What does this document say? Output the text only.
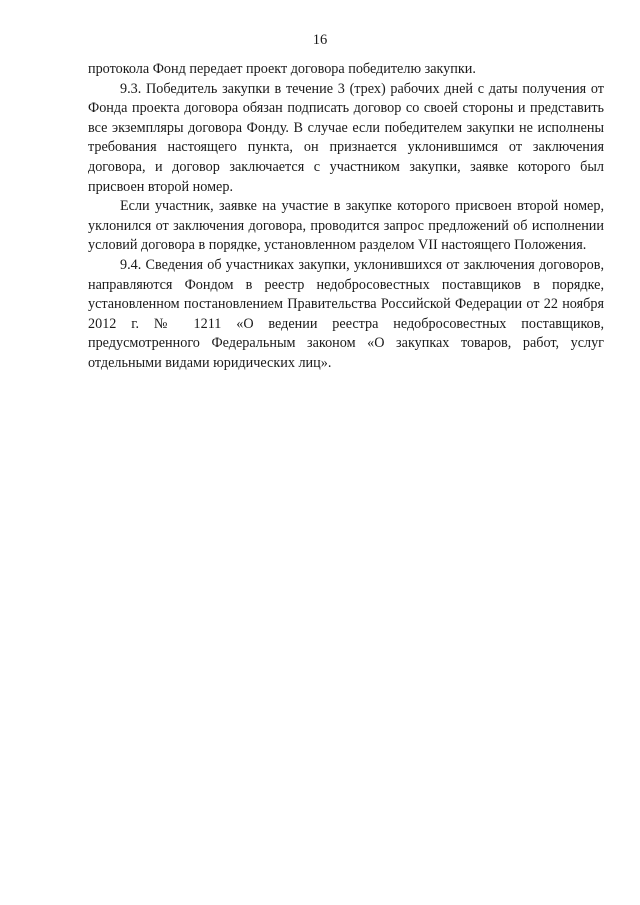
16

протокола Фонд передает проект договора победителю закупки.

9.3. Победитель закупки в течение 3 (трех) рабочих дней с даты получения от Фонда проекта договора обязан подписать договор со своей стороны и представить все экземпляры договора Фонду. В случае если победителем закупки не исполнены требования настоящего пункта, он признается уклонившимся от заключения договора, и договор заключается с участником закупки, заявке которого был присвоен второй номер.

Если участник, заявке на участие в закупке которого присвоен второй номер, уклонился от заключения договора, проводится запрос предложений об исполнении условий договора в порядке, установленном разделом VII настоящего Положения.

9.4. Сведения об участниках закупки, уклонившихся от заключения договоров, направляются Фондом в реестр недобросовестных поставщиков в порядке, установленном постановлением Правительства Российской Федерации от 22 ноября 2012 г. № 1211 «О ведении реестра недобросовестных поставщиков, предусмотренного Федеральным законом «О закупках товаров, работ, услуг отдельными видами юридических лиц».
